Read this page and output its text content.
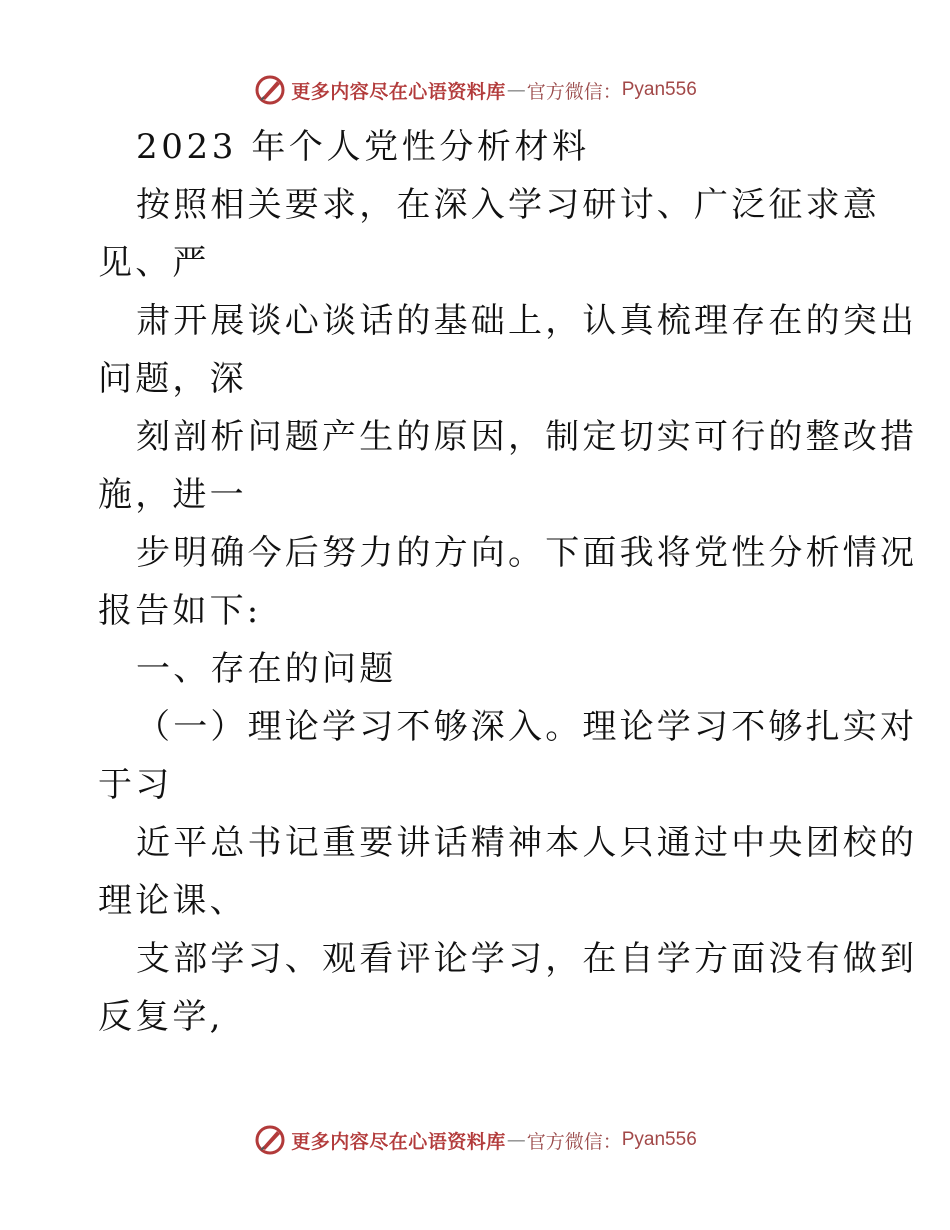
更多内容尽在心语资料库 — 官方微信： Pyan556
2023 年个人党性分析材料
按照相关要求，在深入学习研讨、广泛征求意
见、严
肃开展谈心谈话的基础上，认真梳理存在的突出
问题，深
刻剖析问题产生的原因，制定切实可行的整改措
施，进一
步明确今后努力的方向。下面我将党性分析情况
报告如下:
一、存在的问题
（一）理论学习不够深入。理论学习不够扎实对
于习
近平总书记重要讲话精神本人只通过中央团校的
理论课、
支部学习、观看评论学习，在自学方面没有做到
反复学,
更多内容尽在心语资料库 — 官方微信： Pyan556
